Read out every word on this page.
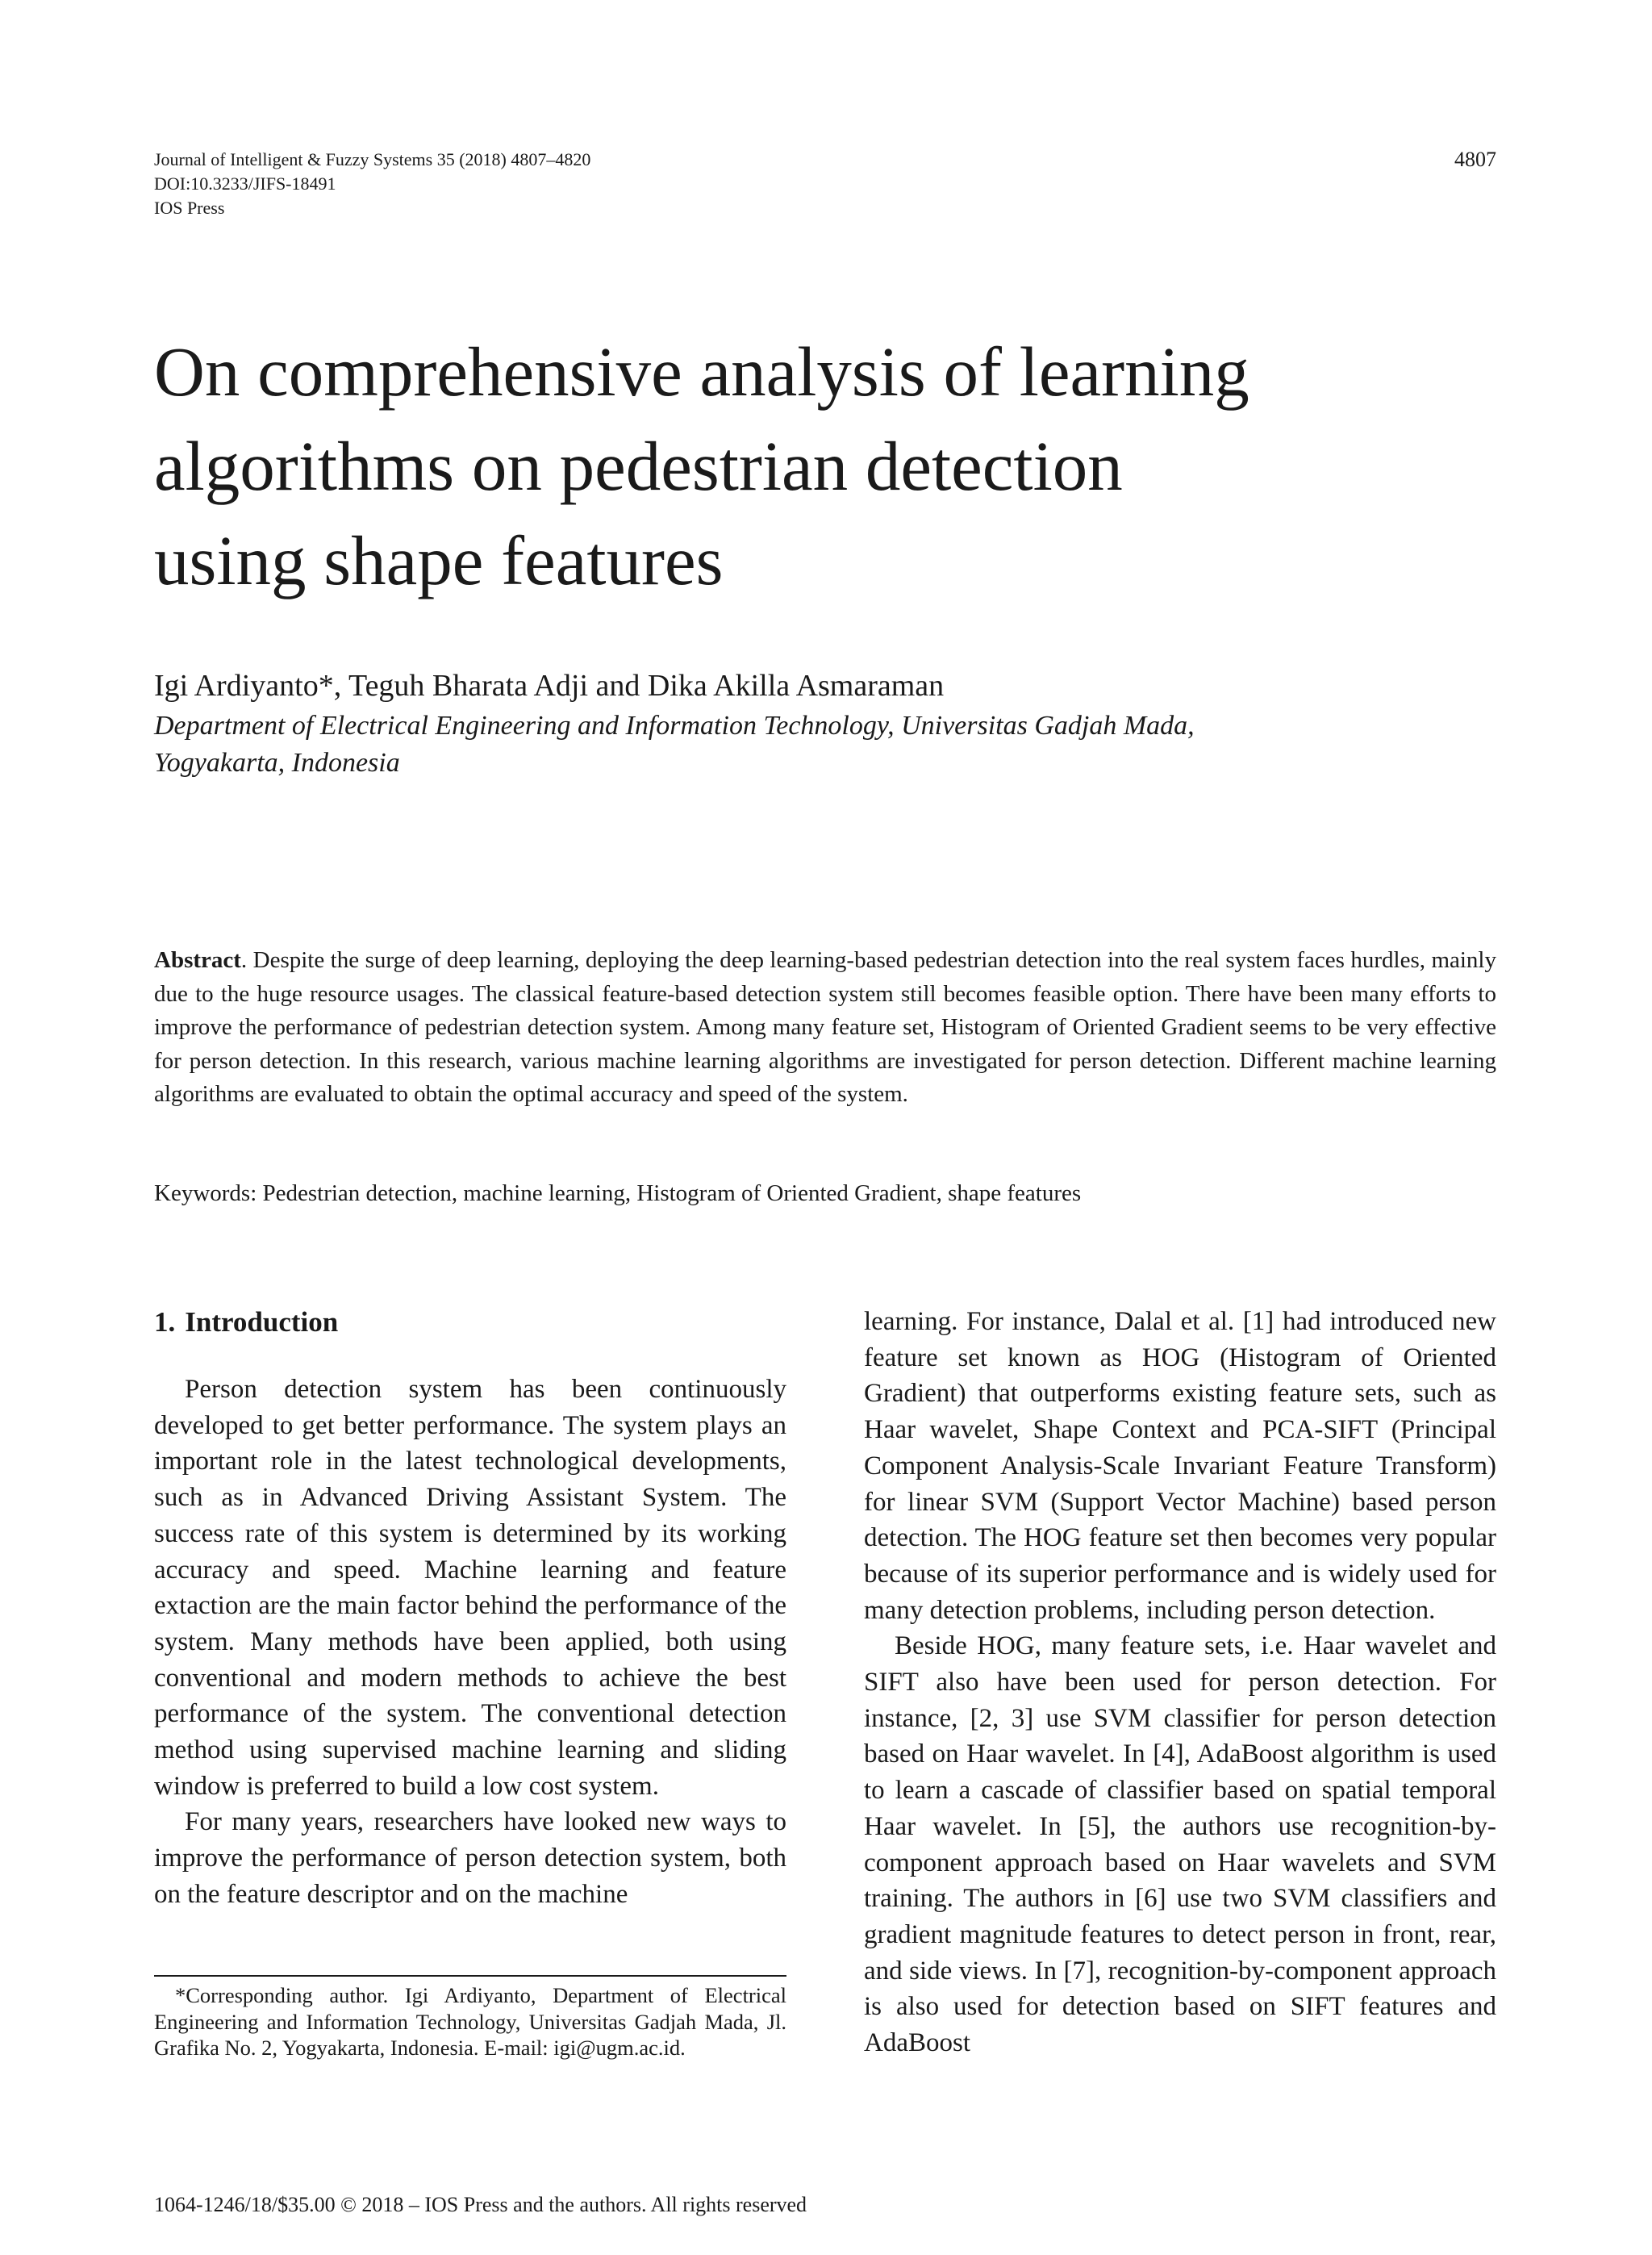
Journal of Intelligent & Fuzzy Systems 35 (2018) 4807–4820
DOI:10.3233/JIFS-18491
IOS Press
4807
On comprehensive analysis of learning
algorithms on pedestrian detection
using shape features
Igi Ardiyanto*, Teguh Bharata Adji and Dika Akilla Asmaraman
Department of Electrical Engineering and Information Technology, Universitas Gadjah Mada,
Yogyakarta, Indonesia
Abstract. Despite the surge of deep learning, deploying the deep learning-based pedestrian detection into the real system faces hurdles, mainly due to the huge resource usages. The classical feature-based detection system still becomes feasible option. There have been many efforts to improve the performance of pedestrian detection system. Among many feature set, Histogram of Oriented Gradient seems to be very effective for person detection. In this research, various machine learning algorithms are investigated for person detection. Different machine learning algorithms are evaluated to obtain the optimal accuracy and speed of the system.
Keywords: Pedestrian detection, machine learning, Histogram of Oriented Gradient, shape features
1. Introduction

Person detection system has been continuously developed to get better performance. The system plays an important role in the latest technological developments, such as in Advanced Driving Assistant System. The success rate of this system is determined by its working accuracy and speed. Machine learning and feature extaction are the main factor behind the performance of the system. Many methods have been applied, both using conventional and modern methods to achieve the best performance of the system. The conventional detection method using supervised machine learning and sliding window is preferred to build a low cost system.

For many years, researchers have looked new ways to improve the performance of person detection system, both on the feature descriptor and on the machine

learning. For instance, Dalal et al. [1] had introduced new feature set known as HOG (Histogram of Oriented Gradient) that outperforms existing feature sets, such as Haar wavelet, Shape Context and PCA-SIFT (Principal Component Analysis-Scale Invariant Feature Transform) for linear SVM (Support Vector Machine) based person detection. The HOG feature set then becomes very popular because of its superior performance and is widely used for many detection problems, including person detection.

Beside HOG, many feature sets, i.e. Haar wavelet and SIFT also have been used for person detection. For instance, [2, 3] use SVM classifier for person detection based on Haar wavelet. In [4], AdaBoost algorithm is used to learn a cascade of classifier based on spatial temporal Haar wavelet. In [5], the authors use recognition-by-component approach based on Haar wavelets and SVM training. The authors in [6] use two SVM classifiers and gradient magnitude features to detect person in front, rear, and side views. In [7], recognition-by-component approach is also used for detection based on SIFT features and AdaBoost

*Corresponding author. Igi Ardiyanto, Department of Electrical Engineering and Information Technology, Universitas Gadjah Mada, Jl. Grafika No. 2, Yogyakarta, Indonesia. E-mail: igi@ugm.ac.id.

1064-1246/18/$35.00 © 2018 – IOS Press and the authors. All rights reserved
